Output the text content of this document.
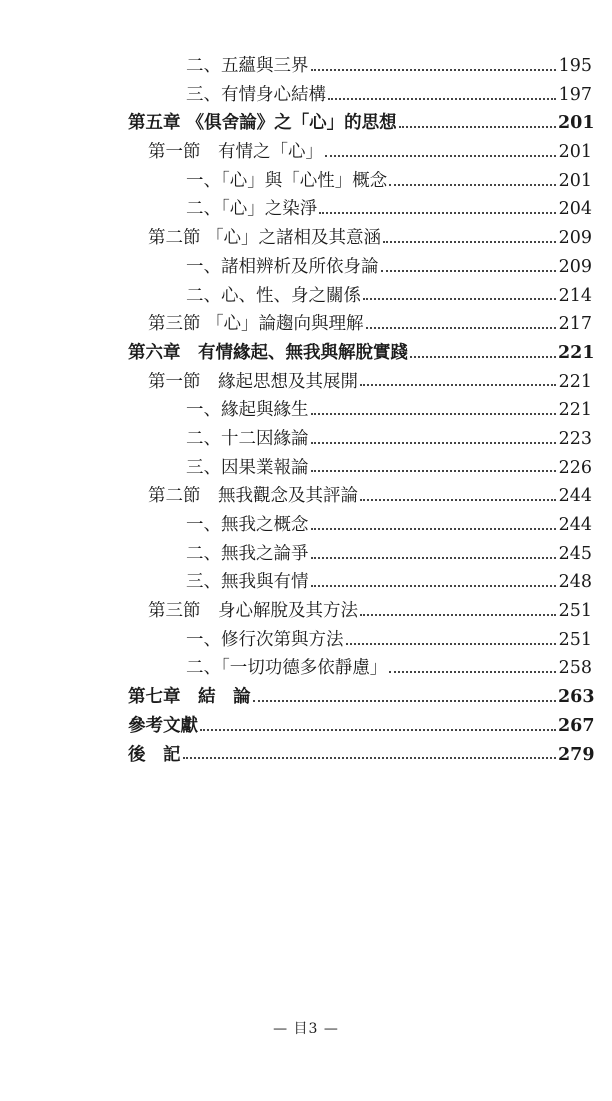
二、五蘊與三界	195
三、有情身心結構	197
第五章 《俱舍論》之「心」的思想	201
第一節　有情之「心」	201
一、「心」與「心性」概念	201
二、「心」之染淨	204
第二節 「心」之諸相及其意涵	209
一、諸相辨析及所依身論	209
二、心、性、身之關係	214
第三節 「心」論趨向與理解	217
第六章　有情緣起、無我與解脫實踐	221
第一節　緣起思想及其展開	221
一、緣起與緣生	221
二、十二因緣論	223
三、因果業報論	226
第二節　無我觀念及其評論	244
一、無我之概念	244
二、無我之論爭	245
三、無我與有情	248
第三節　身心解脫及其方法	251
一、修行次第與方法	251
二、「一切功德多依靜慮」	258
第七章　結　論	263
參考文獻	267
後　記	279
— 目3 —
